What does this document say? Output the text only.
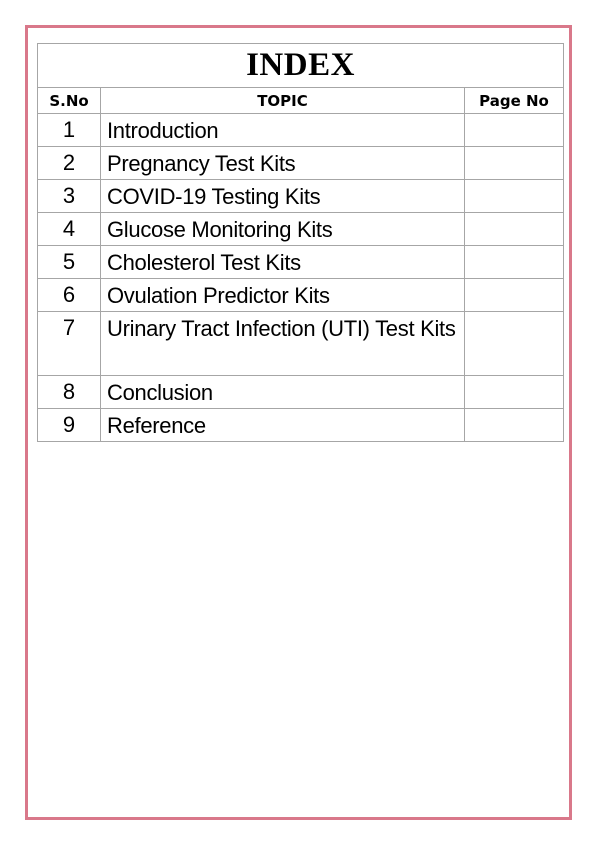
INDEX		
S.No	TOPIC	Page No
1	Introduction	
2	Pregnancy Test Kits	
3	COVID-19 Testing Kits	
4	Glucose Monitoring Kits	
5	Cholesterol Test Kits	
6	Ovulation Predictor Kits	
7	Urinary Tract Infection (UTI) Test Kits	
8	Conclusion	
9	Reference	
